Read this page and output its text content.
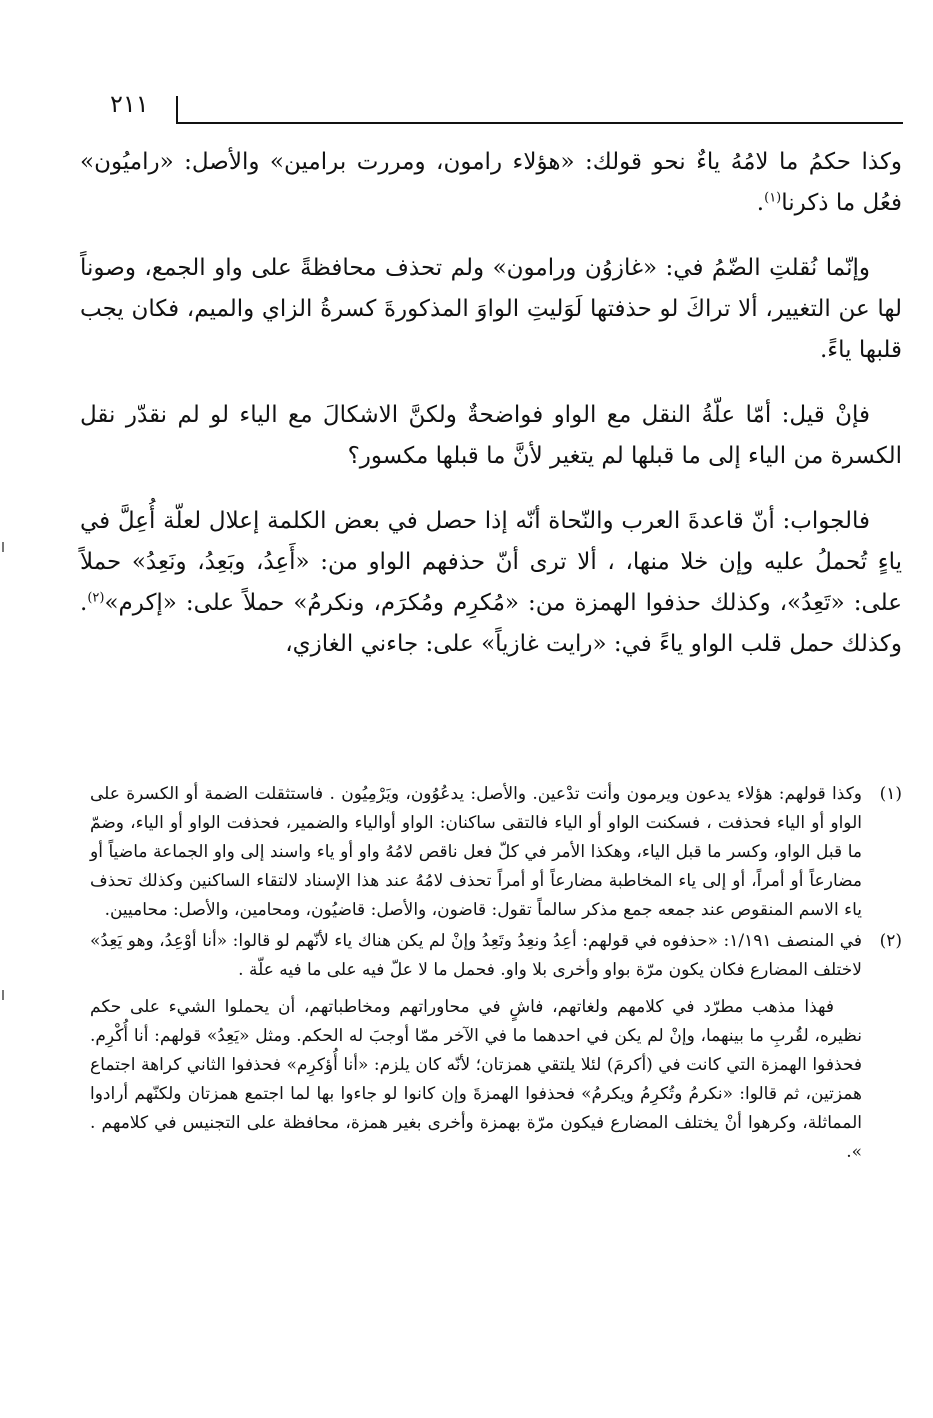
٢١١

وكذا حكمُ ما لامُهُ ياءٌ نحو قولك: «هؤلاء رامون، ومررت برامين» والأصل: «راميُون» فعُل ما ذكرنا$^{(١)}$.

وإنّما نُقلتِ الضّمُ في: «غازوُن ورامون» ولم تحذف محافظةً على واو الجمع، وصوناً لها عن التغيير، ألا تراكَ لو حذفتها لَوَليتِ الواوَ المذكورةَ كسرةُ الزاي والميم، فكان يجب قلبها ياءً.

فإنْ قيل: أمّا علّةُ النقل مع الواو فواضحةٌ ولكنَّ الاشكالَ مع الياء لو لم نقدّر نقل الكسرة من الياء إلى ما قبلها لم يتغير لأنَّ ما قبلها مكسور؟

فالجواب: أنّ قاعدةَ العرب والنّحاة أنّه إذا حصل في بعض الكلمة إعلال لعلّة أُعِلَّ في ياءٍ تُحملُ عليه وإن خلا منها، ، ألا ترى أنّ حذفهم الواو من: «أَعِدُ، وبَعِدُ، ونَعِدُ» حملاً على: «تَعِدُ»، وكذلك حذفوا الهمزة من: «مُكرِم ومُكرَم، ونكرمُ» حملاً على: «إكرم»$^{(٢)}$. وكذلك حمل قلب الواو ياءً في: «رايت غازياً» على: جاءني الغازي،

(١)

وكذا قولهم: هؤلاء يدعون ويرمون وأنت تدْعين. والأصل: يدعُوُون، ويَرْمِيُون . فاستثقلت الضمة أو الكسرة على الواو أو الياء فحذفت ، فسكنت الواو أو الياء فالتقى ساكنان: الواو أوالياء والضمير، فحذفت الواو أو الياء، وضمّ ما قبل الواو، وكسر ما قبل الياء، وهكذا الأمر في كلّ فعل ناقص لامُهُ واو أو ياء واسند إلى واو الجماعة ماضياً أو مضارعاً أو أمراً، أو إلى ياء المخاطبة مضارعاً أو أمراً تحذف لامُهُ عند هذا الإسناد لالتقاء الساكنين وكذلك تحذف ياء الاسم المنقوص عند جمعه جمع مذكر سالماً تقول: قاضون، والأصل: قاضيُون، ومحامين، والأصل: محاميين.

(٢)

في المنصف ١/١٩١: «حذفوه في قولهم: أعِدُ ونعِدُ وتَعِدُ وإنْ لم يكن هناك ياء لأنّهم لو قالوا: «أنا أوْعِدُ، وهو يَعِدُ» لاختلف المضارع فكان يكون مرّة بواو وأخرى بلا واو. فحمل ما لا علّ فيه على ما فيه علّة .

فهذا مذهب مطرّد في كلامهم ولغاتهم، فاشٍ في محاوراتهم ومخاطباتهم، أن يحملوا الشيء على حكم نظيره، لقُربِ ما بينهما، وإنْ لم يكن في احدهما ما في الآخر ممّا أوجبَ له الحكم. ومثل «يَعِدُ» قولهم: أنا أُكْرِم. فحذفوا الهمزة التي كانت في (أكرمَ) لئلا يلتقي همزتان؛ لأنّه كان يلزم: «أنا أُؤكرِم» فحذفوا الثاني كراهة اجتماع همزتين، ثم قالوا: «نكرمُ وتُكرِمُ ويكرمُ» فحذفوا الهمزةَ وإن كانوا لو جاءوا بها لما اجتمع همزتان ولكنّهم أرادوا المماثلة، وكرهوا أنْ يختلف المضارع فيكون مرّة بهمزة وأخرى بغير همزة، محافظة على التجنيس في كلامهم . ».
